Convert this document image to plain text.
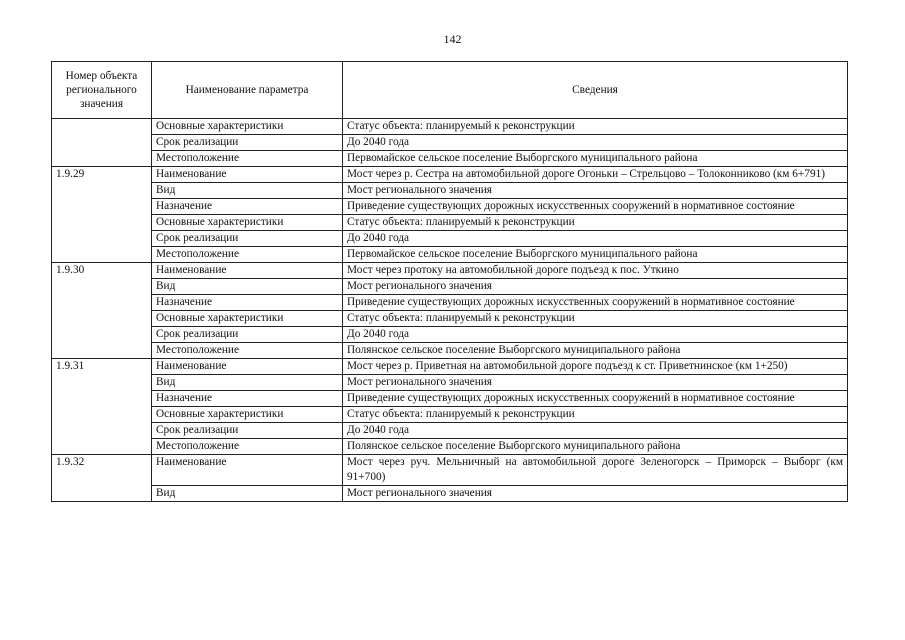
142
Номер объекта регионального значения	Наименование параметра	Сведения
	Основные характеристики	Статус объекта: планируемый к реконструкции
	Срок реализации	До 2040 года
	Местоположение	Первомайское сельское поселение Выборгского муниципального района
1.9.29	Наименование	Мост через р. Сестра на автомобильной дороге Огоньки – Стрельцово – Толоконниково (км 6+791)
	Вид	Мост регионального значения
	Назначение	Приведение существующих дорожных искусственных сооружений в нормативное состояние
	Основные характеристики	Статус объекта: планируемый к реконструкции
	Срок реализации	До 2040 года
	Местоположение	Первомайское сельское поселение Выборгского муниципального района
1.9.30	Наименование	Мост через протоку на автомобильной дороге подъезд к пос. Уткино
	Вид	Мост регионального значения
	Назначение	Приведение существующих дорожных искусственных сооружений в нормативное состояние
	Основные характеристики	Статус объекта: планируемый к реконструкции
	Срок реализации	До 2040 года
	Местоположение	Полянское сельское поселение Выборгского муниципального района
1.9.31	Наименование	Мост через р. Приветная на автомобильной дороге подъезд к ст. Приветнинское (км 1+250)
	Вид	Мост регионального значения
	Назначение	Приведение существующих дорожных искусственных сооружений в нормативное состояние
	Основные характеристики	Статус объекта: планируемый к реконструкции
	Срок реализации	До 2040 года
	Местоположение	Полянское сельское поселение Выборгского муниципального района
1.9.32	Наименование	Мост через руч. Мельничный на автомобильной дороге Зеленогорск – Приморск – Выборг (км 91+700)
	Вид	Мост регионального значения
